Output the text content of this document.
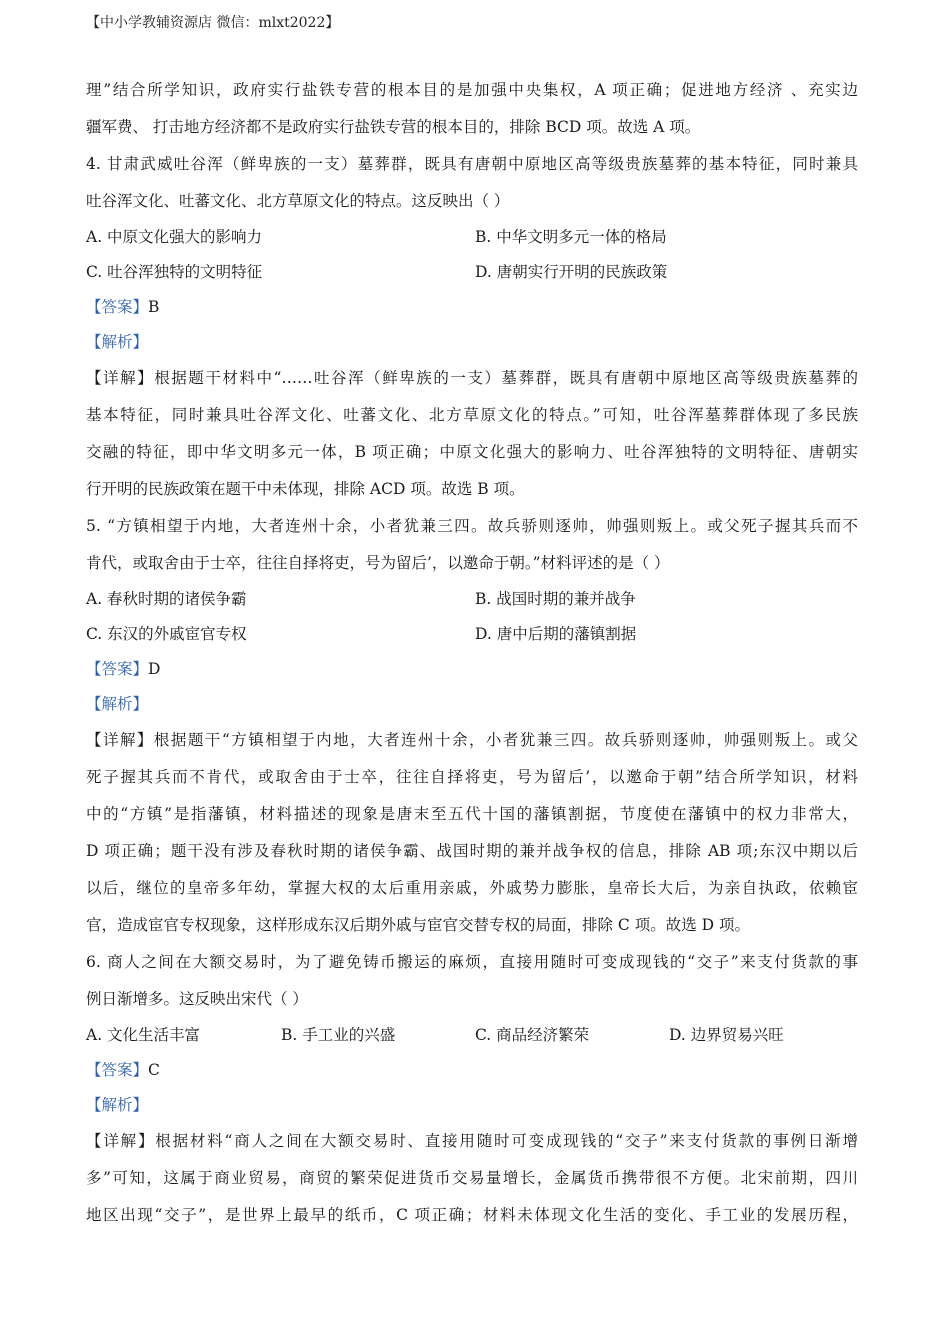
【中小学教辅资源店 微信：mlxt2022】
理”结合所学知识，政府实行盐铁专营的根本目的是加强中央集权，A 项正确；促进地方经济 、充实边
疆军费、 打击地方经济都不是政府实行盐铁专营的根本目的，排除 BCD 项。故选 A 项。
4. 甘肃武威吐谷浑（鲜卑族的一支）墓葬群，既具有唐朝中原地区高等级贵族墓葬的基本特征，同时兼具
吐谷浑文化、吐蕃文化、北方草原文化的特点。这反映出（ ）
A. 中原文化强大的影响力	B. 中华文明多元一体的格局
C. 吐谷浑独特的文明特征	D. 唐朝实行开明的民族政策
【答案】B
【解析】
【详解】根据题干材料中“……吐谷浑（鲜卑族的一支）墓葬群，既具有唐朝中原地区高等级贵族墓葬的
基本特征，同时兼具吐谷浑文化、吐蕃文化、北方草原文化的特点。”可知，吐谷浑墓葬群体现了多民族
交融的特征，即中华文明多元一体，B 项正确；中原文化强大的影响力、吐谷浑独特的文明特征、唐朝实
行开明的民族政策在题干中未体现，排除 ACD 项。故选 B 项。
5. “方镇相望于内地，大者连州十余，小者犹兼三四。故兵骄则逐帅，帅强则叛上。或父死子握其兵而不
肯代，或取舍由于士卒，往往自择将吏，号为留后’，以邀命于朝。”材料评述的是（ ）
A. 春秋时期的诸侯争霸	B. 战国时期的兼并战争
C. 东汉的外戚宦官专权	D. 唐中后期的藩镇割据
【答案】D
【解析】
【详解】根据题干“方镇相望于内地，大者连州十余，小者犹兼三四。故兵骄则逐帅，帅强则叛上。或父
死子握其兵而不肯代，或取舍由于士卒，往往自择将吏，号为留后’，以邀命于朝”结合所学知识，材料
中的“方镇”是指藩镇，材料描述的现象是唐末至五代十国的藩镇割据，节度使在藩镇中的权力非常大，
D 项正确；题干没有涉及春秋时期的诸侯争霸、战国时期的兼并战争权的信息，排除 AB 项;东汉中期以后
以后，继位的皇帝多年幼，掌握大权的太后重用亲戚，外戚势力膨胀，皇帝长大后，为亲自执政，依赖宦
官，造成宦官专权现象，这样形成东汉后期外戚与宦官交替专权的局面，排除 C 项。故选 D 项。
6. 商人之间在大额交易时，为了避免铸币搬运的麻烦，直接用随时可变成现钱的“交子”来支付货款的事
例日渐增多。这反映出宋代（ ）
A. 文化生活丰富	B. 手工业的兴盛	C. 商品经济繁荣	D. 边界贸易兴旺
【答案】C
【解析】
【详解】根据材料“商人之间在大额交易时、直接用随时可变成现钱的“交子”来支付货款的事例日渐增
多”可知，这属于商业贸易，商贸的繁荣促进货币交易量增长，金属货币携带很不方便。北宋前期，四川
地区出现“交子”，是世界上最早的纸币，C 项正确；材料未体现文化生活的变化、手工业的发展历程，
